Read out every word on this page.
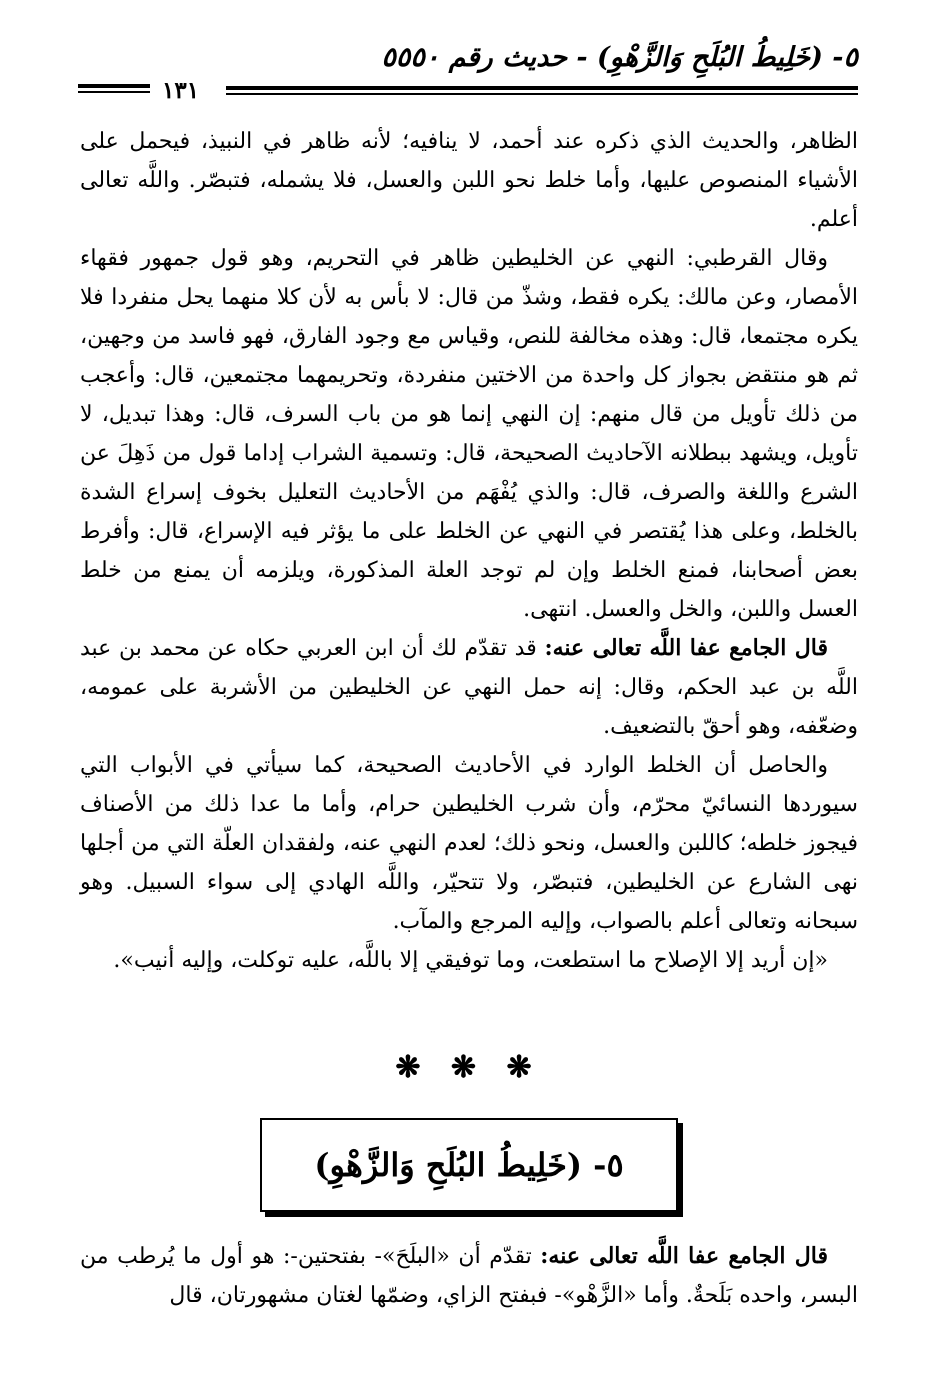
٥- (خَلِيطُ البُلَحِ وَالزَّهْوِ) - حديث رقم ٥٥٥٠
١٣١

الظاهر، والحديث الذي ذكره عند أحمد، لا ينافيه؛ لأنه ظاهر في النبيذ، فيحمل على الأشياء المنصوص عليها، وأما خلط نحو اللبن والعسل، فلا يشمله، فتبصّر. واللَّه تعالى أعلم.

وقال القرطبي: النهي عن الخليطين ظاهر في التحريم، وهو قول جمهور فقهاء الأمصار، وعن مالك: يكره فقط، وشذّ من قال: لا بأس به لأن كلا منهما يحل منفردا فلا يكره مجتمعا، قال: وهذه مخالفة للنص، وقياس مع وجود الفارق، فهو فاسد من وجهين، ثم هو منتقض بجواز كل واحدة من الاختين منفردة، وتحريمهما مجتمعين، قال: وأعجب من ذلك تأويل من قال منهم: إن النهي إنما هو من باب السرف، قال: وهذا تبديل، لا تأويل، ويشهد ببطلانه الآحاديث الصحيحة، قال: وتسمية الشراب إداما قول من ذَهِلَ عن الشرع واللغة والصرف، قال: والذي يُفْهَم من الأحاديث التعليل بخوف إسراع الشدة بالخلط، وعلى هذا يُقتصر في النهي عن الخلط على ما يؤثر فيه الإسراع، قال: وأفرط بعض أصحابنا، فمنع الخلط وإن لم توجد العلة المذكورة، ويلزمه أن يمنع من خلط العسل واللبن، والخل والعسل. انتهى.

قال الجامع عفا اللَّه تعالى عنه: قد تقدّم لك أن ابن العربي حكاه عن محمد بن عبد اللَّه بن عبد الحكم، وقال: إنه حمل النهي عن الخليطين من الأشربة على عمومه، وضعّفه، وهو أحقّ بالتضعيف.

والحاصل أن الخلط الوارد في الأحاديث الصحيحة، كما سيأتي في الأبواب التي سيوردها النسائيّ محرّم، وأن شرب الخليطين حرام، وأما ما عدا ذلك من الأصناف فيجوز خلطه؛ كاللبن والعسل، ونحو ذلك؛ لعدم النهي عنه، ولفقدان العلّة التي من أجلها نهى الشارع عن الخليطين، فتبصّر، ولا تتحيّر، واللَّه الهادي إلى سواء السبيل. وهو سبحانه وتعالى أعلم بالصواب، وإليه المرجع والمآب.

«إن أريد إلا الإصلاح ما استطعت، وما توفيقي إلا باللَّه، عليه توكلت، وإليه أنيب».

❋ ❋ ❋
٥- (خَلِيطُ البُلَحِ وَالزَّهْوِ)

قال الجامع عفا اللَّه تعالى عنه: تقدّم أن «البلَحَ»- بفتحتين-: هو أول ما يُرطب من البسر، واحده بَلَحةٌ. وأما «الزَّهْو»- فبفتح الزاي، وضمّها لغتان مشهورتان، قال
